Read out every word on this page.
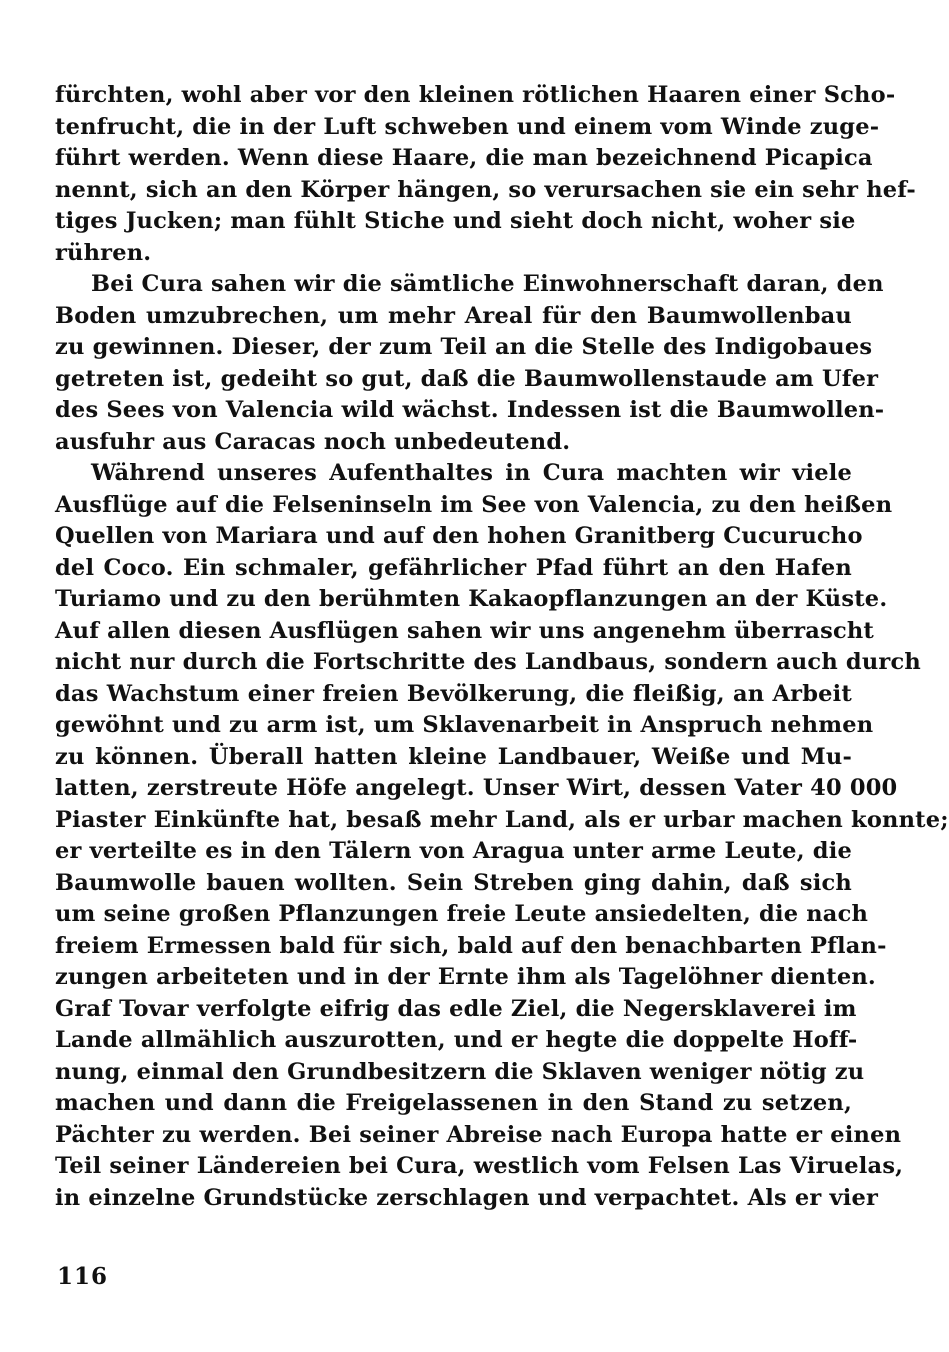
fürchten, wohl aber vor den kleinen rötlichen Haaren einer Scho-
tenfrucht, die in der Luft schweben und einem vom Winde zuge-
führt werden. Wenn diese Haare, die man bezeichnend Picapica
nennt, sich an den Körper hängen, so verursachen sie ein sehr hef-
tiges Jucken; man fühlt Stiche und sieht doch nicht, woher sie
rühren.
Bei Cura sahen wir die sämtliche Einwohnerschaft daran, den
Boden umzubrechen, um mehr Areal für den Baumwollenbau
zu gewinnen. Dieser, der zum Teil an die Stelle des Indigobaues
getreten ist, gedeiht so gut, daß die Baumwollenstaude am Ufer
des Sees von Valencia wild wächst. Indessen ist die Baumwollen-
ausfuhr aus Caracas noch unbedeutend.
Während unseres Aufenthaltes in Cura machten wir viele
Ausflüge auf die Felseninseln im See von Valencia, zu den heißen
Quellen von Mariara und auf den hohen Granitberg Cucurucho
del Coco. Ein schmaler, gefährlicher Pfad führt an den Hafen
Turiamo und zu den berühmten Kakaopflanzungen an der Küste.
Auf allen diesen Ausflügen sahen wir uns angenehm überrascht
nicht nur durch die Fortschritte des Landbaus, sondern auch durch
das Wachstum einer freien Bevölkerung, die fleißig, an Arbeit
gewöhnt und zu arm ist, um Sklavenarbeit in Anspruch nehmen
zu können. Überall hatten kleine Landbauer, Weiße und Mu-
latten, zerstreute Höfe angelegt. Unser Wirt, dessen Vater 40 000
Piaster Einkünfte hat, besaß mehr Land, als er urbar machen konnte;
er verteilte es in den Tälern von Aragua unter arme Leute, die
Baumwolle bauen wollten. Sein Streben ging dahin, daß sich
um seine großen Pflanzungen freie Leute ansiedelten, die nach
freiem Ermessen bald für sich, bald auf den benachbarten Pflan-
zungen arbeiteten und in der Ernte ihm als Tagelöhner dienten.
Graf Tovar verfolgte eifrig das edle Ziel, die Negersklaverei im
Lande allmählich auszurotten, und er hegte die doppelte Hoff-
nung, einmal den Grundbesitzern die Sklaven weniger nötig zu
machen und dann die Freigelassenen in den Stand zu setzen,
Pächter zu werden. Bei seiner Abreise nach Europa hatte er einen
Teil seiner Ländereien bei Cura, westlich vom Felsen Las Viruelas,
in einzelne Grundstücke zerschlagen und verpachtet. Als er vier
116
